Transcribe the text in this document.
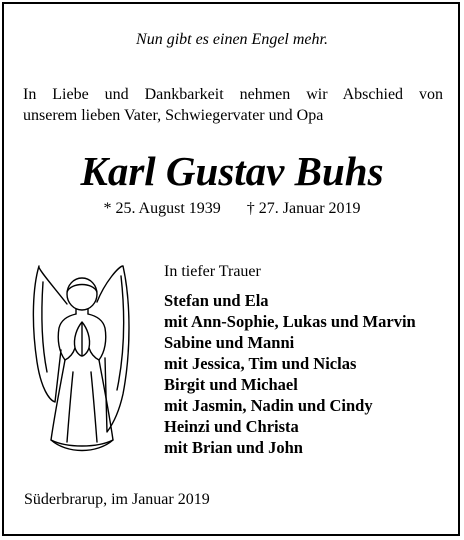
Nun gibt es einen Engel mehr.
In Liebe und Dankbarkeit nehmen wir Abschied von
unserem lieben Vater, Schwiegervater und Opa
Karl Gustav Buhs
* 25. August 1939 † 27. Januar 2019
In tiefer Trauer
Stefan und Ela
mit Ann-Sophie, Lukas und Marvin
Sabine und Manni
mit Jessica, Tim und Niclas
Birgit und Michael
mit Jasmin, Nadin und Cindy
Heinzi und Christa
mit Brian und John
Süderbrarup, im Januar 2019
